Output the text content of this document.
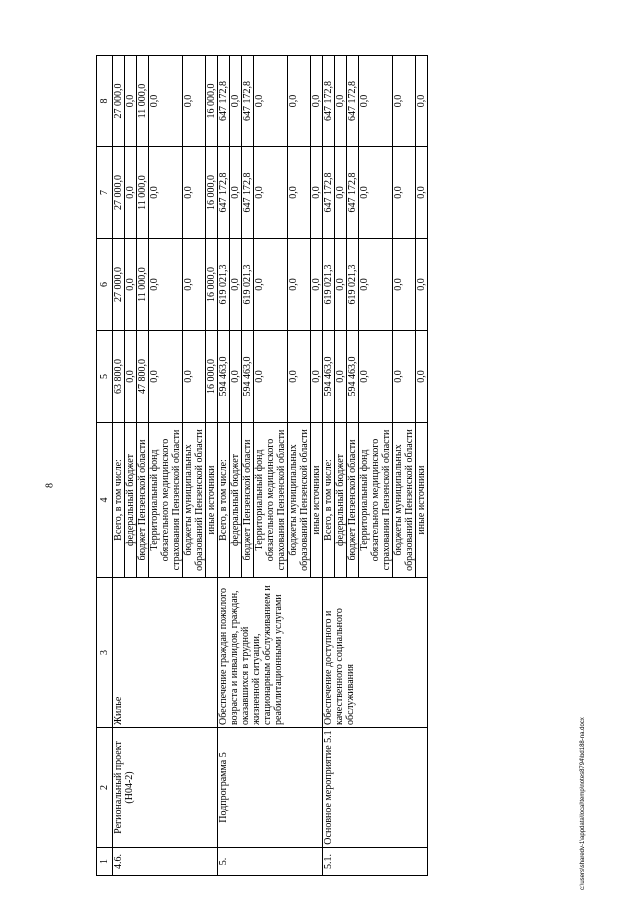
8
1	2	3	4	5	6	7	8
4.6.	Региональный проект (Н04-2)	Жилье	Всего, в том числе:	63 800,0	27 000,0	27 000,0	27 000,0
			федеральный бюджет	0,0	0,0	0,0	0,0
			бюджет Пензенской области	47 800,0	11 000,0	11 000,0	11 000,0
			Территориальный фонд обязательного медицинского страхования Пензенской области	0,0	0,0	0,0	0,0
			бюджеты муниципальных образований Пензенской области	0,0	0,0	0,0	0,0
			иные источники	16 000,0	16 000,0	16 000,0	16 000,0
5.	Подпрограмма 5	Обеспечение граждан пожилого возраста и инвалидов, граждан, оказавшихся в трудной жизненной ситуации, стационарным обслуживанием и реабилитационными услугами	Всего, в том числе:	594 463,0	619 021,3	647 172,8	647 172,8
			федеральный бюджет	0,0	0,0	0,0	0,0
			бюджет Пензенской области	594 463,0	619 021,3	647 172,8	647 172,8
			Территориальный фонд обязательного медицинского страхования Пензенской области	0,0	0,0	0,0	0,0
			бюджеты муниципальных образований Пензенской области	0,0	0,0	0,0	0,0
			иные источники	0,0	0,0	0,0	0,0
5.1.	Основное мероприятие 5.1	Обеспечение доступного и качественного социального обслуживания	Всего, в том числе:	594 463,0	619 021,3	647 172,8	647 172,8
			федеральный бюджет	0,0	0,0	0,0	0,0
			бюджет Пензенской области	594 463,0	619 021,3	647 172,8	647 172,8
			Территориальный фонд обязательного медицинского страхования Пензенской области	0,0	0,0	0,0	0,0
			бюджеты муниципальных образований Пензенской области	0,0	0,0	0,0	0,0
			иные источники	0,0	0,0	0,0	0,0
c:\users\sharedv-1\appdata\local\temp\notes8794\bd188-na.docx
